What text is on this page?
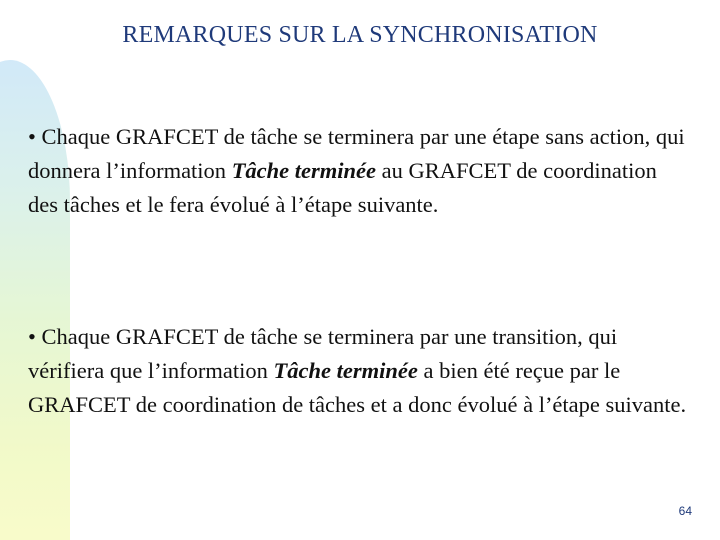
REMARQUES SUR LA SYNCHRONISATION
• Chaque GRAFCET de tâche se terminera par une étape sans action, qui donnera l’information Tâche terminée au GRAFCET de coordination des tâches et le fera évolué à l’étape suivante.
• Chaque GRAFCET de tâche se terminera par une transition, qui vérifiera que l’information Tâche terminée a bien été reçue par le GRAFCET de coordination de tâches et a donc évolué à l’étape suivante.
64
